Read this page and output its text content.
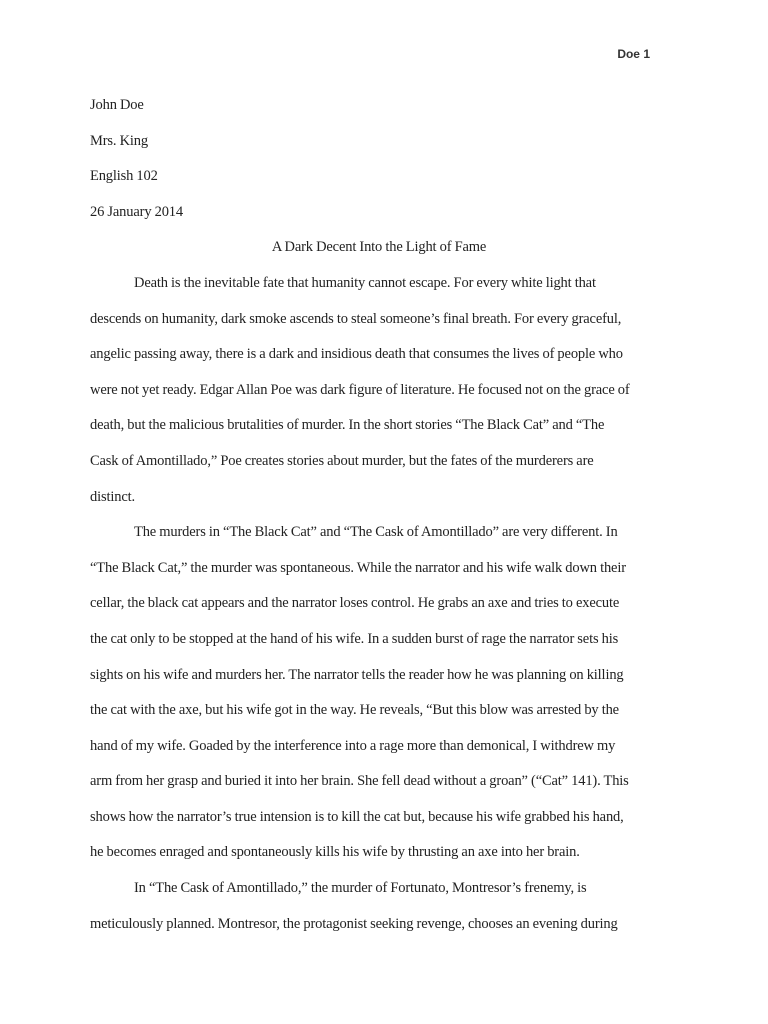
Doe 1

John Doe

Mrs. King

English 102

26 January 2014

A Dark Decent Into the Light of Fame

Death is the inevitable fate that humanity cannot escape. For every white light that
descends on humanity, dark smoke ascends to steal someone’s final breath. For every graceful,
angelic passing away, there is a dark and insidious death that consumes the lives of people who
were not yet ready. Edgar Allan Poe was dark figure of literature. He focused not on the grace of
death, but the malicious brutalities of murder. In the short stories “The Black Cat” and “The
Cask of Amontillado,” Poe creates stories about murder, but the fates of the murderers are
distinct.
The murders in “The Black Cat” and “The Cask of Amontillado” are very different. In
“The Black Cat,” the murder was spontaneous. While the narrator and his wife walk down their
cellar, the black cat appears and the narrator loses control. He grabs an axe and tries to execute
the cat only to be stopped at the hand of his wife. In a sudden burst of rage the narrator sets his
sights on his wife and murders her. The narrator tells the reader how he was planning on killing
the cat with the axe, but his wife got in the way. He reveals, “But this blow was arrested by the
hand of my wife. Goaded by the interference into a rage more than demonical, I withdrew my
arm from her grasp and buried it into her brain. She fell dead without a groan” (“Cat” 141). This
shows how the narrator’s true intension is to kill the cat but, because his wife grabbed his hand,
he becomes enraged and spontaneously kills his wife by thrusting an axe into her brain.
In “The Cask of Amontillado,” the murder of Fortunato, Montresor’s frenemy, is
meticulously planned. Montresor, the protagonist seeking revenge, chooses an evening during
